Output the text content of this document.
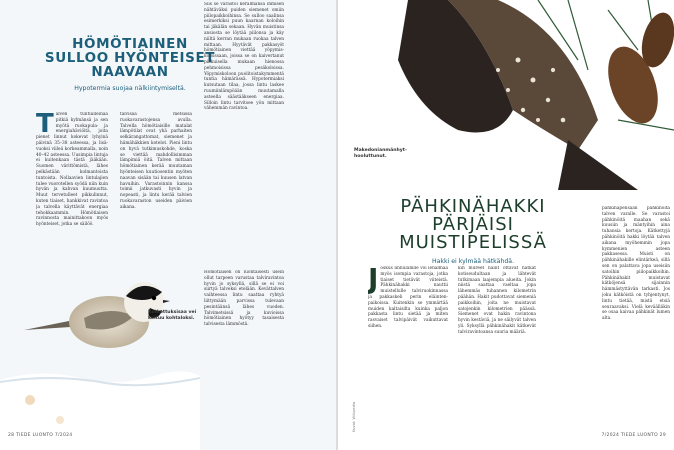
HÖMÖTIAINEN
SULLOO HYÖNTEISET
NAAVAAN
Hypotermia suojaa nälkiintymiseltä.
T alven tuntuilleinaa pitkiä kylmänsä ja sen myötä ruokapula- ja energiahäviöitä, joita pienet linnut kokevat lyhyinä päivinä 35–38 asteessa, ja lisävuoksi viileä korkeammalla, noin 40–42 asteessa. Uusimpia lintuja ei kuitenkaan tästä jääkään. Suomen värittömistä, lähes pelkästään kolmantoista tuntoista. Nollaavien lintulajien tulee vuorotellen syödä niin kuin hyvän ja kahvan kuumuutta. Muut tervetulleet pikkulinnut, kuten tiaiset, hankkivat ravintoa ja talvella käyttävät energiaa tehokkaammin. Hömötiaisen ravinnosta mainittakoon myös hyönteiset, jotka se säilöö.
talvisaa metsissä ruokavarastojensa avulla. Talvella hömötiaisille matalat lämpötilat ovat yhä parhaiten selkärangattomat, siemenet ja hämähäkkien kotelot. Pieni lintu on hyvä tutkimuskohde, koska se viettää mahdollisimman lämpimiä öitä. Talven mittaan hömötiainen kerää muutaman hyönteisen kuutiosentin myöten naavan sisään tai kuusen latvan havuihin. Varastoinnin kanssa toimii jatkuvasti hyvin ja nopeasti, ja lintu kerää talvien ruokavaraston useiden päivien aikana.
Siis se varastoi kerälmänsä ihmisen nähtäväksi puiden siemenet omiin piilopaikkoihinsa. Se sulloo saalinsa esimerkiksi puun kaarnan koloihin tai jäkälän sekaan. Hyvän muistinsa ansiosta se löytää piilonsa ja käy niiltä kerran mukaan ruokaa talven mittaan. Hyytävät pakkasyöt hömötiainen viettää yöpymiskoloissaan, joissa se on kaivertanut pikkuisella mukaan hienossa pehmoisissa pesäkoloissa. Yöpymiskoloon puolitoistakymmentä tuntia hämärässä. Hypotermiaksi kutsutaan tilaa, jossa lintu laskee ruumiinlämpöään muutamalla asteella säästääkseen energiaa. Silloin lintu tarvitsee yön mittaan vähemmän ravintoa.
Hömötiaisen on luontaisesti usein ollut tarpeen varustaa talviravintoa hyvin jo syksyllä, sillä se ei voi siirtyä talveksi etelään. Kevättalven vaihteessa lintu saattaa ryhtyä liittymään parvissa tulevaan pesintäänsä lähes vuoden. Talvimetsissä ja kuvioissa hömötiainen hyötyy tasaisesta talvisesta lämmöstä.
Kotkottuksisaa vei koituu kohtaloksi.
28 TIEDE LUONTO 7/2024
Makedonianmänhythooluttunut.
PÄHKINÄHAKKI
PÄRJÄISI
MUISTIPELISSÄ
Hakki ei kylmää hätkähdä.
Kuvat: Wikipedia
J oskus linnulamlle voi lehalmaa myös isompia varastoja, jotka tiaiset tietävät viiteistä. Pähkinähakki nauttii muistellulle talviruokinnassa ja pakkaskeli perin eläintenpaikoissa. Kuitenkin se ymmärtää muiden kaltaisilta kuinka paljon pakkasta lintu sietää ja miten rasvaiset talvipäivät vaikuttavat siihen.
kin mureet haliit ottavat hatkat kotiseudultaan ja lähtevät tutkimaan laajempia alueita. Jokin niistä saattaa vaeltaa jopa lähemmäs tuhannen kilometrin päähän. Hakit pudottavat siemeniä paikkoihin, joita ne muistavat satojenkin kilometrien päässä. Siemenet ovat hakin ravintona hyvin kestäviä, ja ne säilyvät talven yli. Syksyllä pähkinähakit kätkevät talviravintoansa suuria määriä.
pähkinäpensaan pähkinöitä talven varalle. Se varastoi pähkinöitä maahan sekä kuusiin ja mäntyihin aina tuhansia kertoja. Kätkettyjä pähkinöitä hakki löytää talven aikana myöhemmin jopa kymmenien asteen pakkasessa. Muisti on pähkinähakille elintärkeä, sillä sen on palattava jopa useisiin satoihin piilopaikkoihin. Pähkinähakit muistavat kätköjensä sijainnin hämmästyttävän tarkasti. Jos joku kätköistä on tyhjentynyt, lintu tietää, mistä etsiä seuraavaksi. Vielä keväälläkin se osaa kaivaa pähkinät lumen alta.
7/2024 TIEDE LUONTO 29
